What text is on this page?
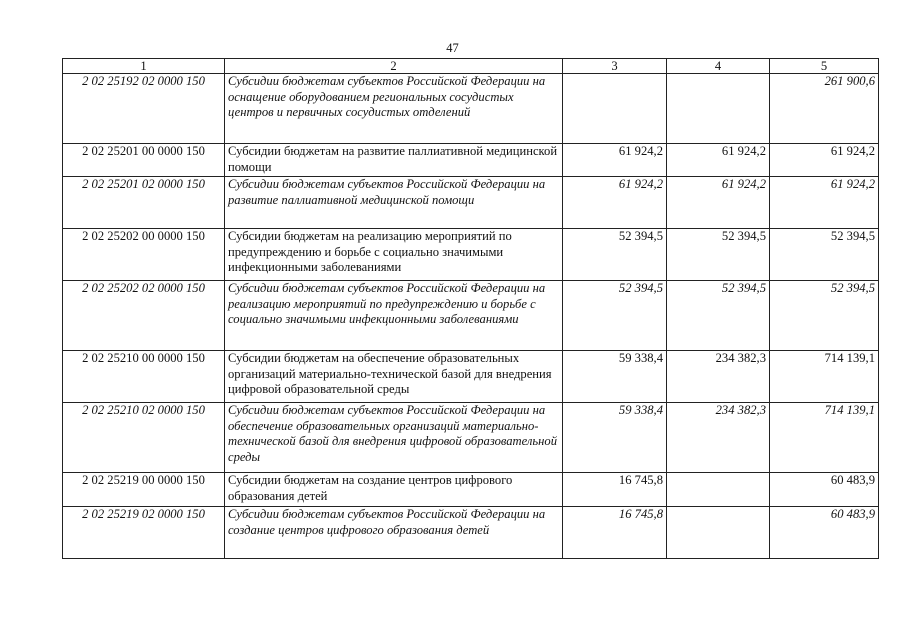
47
1	2	3	4	5
2 02 25192 02 0000 150	Субсидии бюджетам субъектов Российской Федерации на оснащение оборудованием региональных сосудистых центров и первичных сосудистых отделений			261 900,6
2 02 25201 00 0000 150	Субсидии бюджетам на развитие паллиативной медицинской помощи	61 924,2	61 924,2	61 924,2
2 02 25201 02 0000 150	Субсидии бюджетам субъектов Российской Федерации на развитие паллиативной медицинской помощи	61 924,2	61 924,2	61 924,2
2 02 25202 00 0000 150	Субсидии бюджетам на реализацию мероприятий по предупреждению и борьбе с социально значимыми инфекционными заболеваниями	52 394,5	52 394,5	52 394,5
2 02 25202 02 0000 150	Субсидии бюджетам субъектов Российской Федерации на реализацию мероприятий по предупреждению и борьбе с социально значимыми инфекционными заболеваниями	52 394,5	52 394,5	52 394,5
2 02 25210 00 0000 150	Субсидии бюджетам на обеспечение образовательных организаций материально-технической базой для внедрения цифровой образовательной среды	59 338,4	234 382,3	714 139,1
2 02 25210 02 0000 150	Субсидии бюджетам субъектов Российской Федерации на обеспечение образовательных организаций материально-технической базой для внедрения цифровой образовательной среды	59 338,4	234 382,3	714 139,1
2 02 25219 00 0000 150	Субсидии бюджетам на создание центров цифрового образования детей	16 745,8		60 483,9
2 02 25219 02 0000 150	Субсидии бюджетам субъектов Российской Федерации на создание центров цифрового образования детей	16 745,8		60 483,9
